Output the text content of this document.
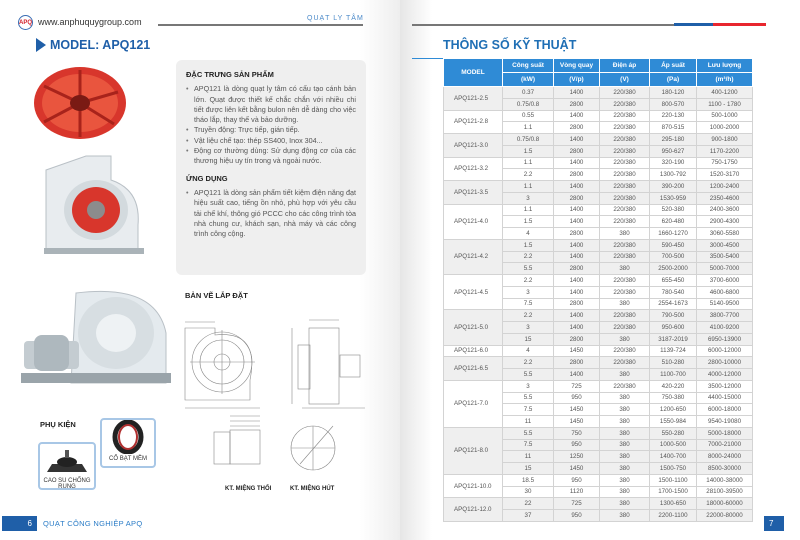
APQ www.anphuquygroup.com	QUẠT LY TÂM
MODEL: APQ121
ĐẶC TRƯNG SẢN PHẨM
• APQ121 là dòng quạt ly tâm có cấu tạo cánh bản lớn. Quạt được thiết kế chắc chắn với nhiều chi tiết được liên kết bằng bulon nên dễ dàng cho việc tháo lắp, thay thế và bảo dưỡng.
• Truyền động: Trực tiếp, gián tiếp.
• Vật liệu chế tạo: thép SS400, Inox 304...
• Động cơ thường dùng: Sử dụng động cơ của các thương hiệu uy tín trong và ngoài nước.
ỨNG DỤNG
• APQ121 là dòng sản phẩm tiết kiệm điện năng đạt hiệu suất cao, tiếng ồn nhỏ, phù hợp với yêu cầu tải chế khí, thông gió PCCC cho các công trình tòa nhà chung cư, khách sạn, nhà máy và các công trình công cộng.
BẢN VẼ LẮP ĐẶT
KT. MIỆNG THỔI	KT. MIỆNG HÚT
PHỤ KIỆN
CAO SU CHỐNG RUNG
CỔ BẠT MỀM
6	QUẠT CÔNG NGHIỆP APQ	7
THÔNG SỐ KỸ THUẬT
MODEL	Công suất	Vòng quay	Điện áp	Áp suất	Lưu lượng
	(kW)	(V/p)	(V)	(Pa)	(m³/h)
APQ121-2.5	0.37	1400	220/380	180-120	400-1200
	0.75/0.8	2800	220/380	800-570	1100 - 1780
APQ121-2.8	0.55	1400	220/380	220-130	500-1000
	1.1	2800	220/380	870-515	1000-2000
APQ121-3.0	0.75/0.8	1400	220/380	295-180	900-1800
	1.5	2800	220/380	950-627	1170-2200
APQ121-3.2	1.1	1400	220/380	320-190	750-1750
	2.2	2800	220/380	1300-792	1520-3170
APQ121-3.5	1.1	1400	220/380	390-200	1200-2400
	3	2800	220/380	1530-959	2350-4600
APQ121-4.0	1.1	1400	220/380	520-380	2400-3600
	1.5	1400	220/380	620-480	2900-4300
	4	2800	380	1660-1270	3060-5580
APQ121-4.2	1.5	1400	220/380	590-450	3000-4500
	2.2	1400	220/380	700-500	3500-5400
	5.5	2800	380	2500-2000	5000-7000
APQ121-4.5	2.2	1400	220/380	655-450	3700-6000
	3	1400	220/380	780-540	4600-6800
	7.5	2800	380	2554-1673	5140-9500
APQ121-5.0	2.2	1400	220/380	790-500	3800-7700
	3	1400	220/380	950-600	4100-9200
	15	2800	380	3187-2019	6950-13900
APQ121-6.0	4	1450	220/380	1139-724	6000-12000
APQ121-6.5	2.2	2800	220/380	510-280	2800-10000
	5.5	1400	380	1100-700	4000-12000
APQ121-7.0	3	725	220/380	420-220	3500-12000
	5.5	950	380	750-380	4400-15000
	7.5	1450	380	1200-650	6000-18000
	11	1450	380	1550-984	9540-19080
APQ121-8.0	5.5	750	380	550-280	5000-18000
	7.5	950	380	1000-500	7000-21000
	11	1250	380	1400-700	8000-24000
	15	1450	380	1500-750	8500-30000
APQ121-10.0	18.5	950	380	1500-1100	14000-38000
	30	1120	380	1700-1500	28100-39500
APQ121-12.0	22	725	380	1300-650	18000-60000
	37	950	380	2200-1100	22000-80000
